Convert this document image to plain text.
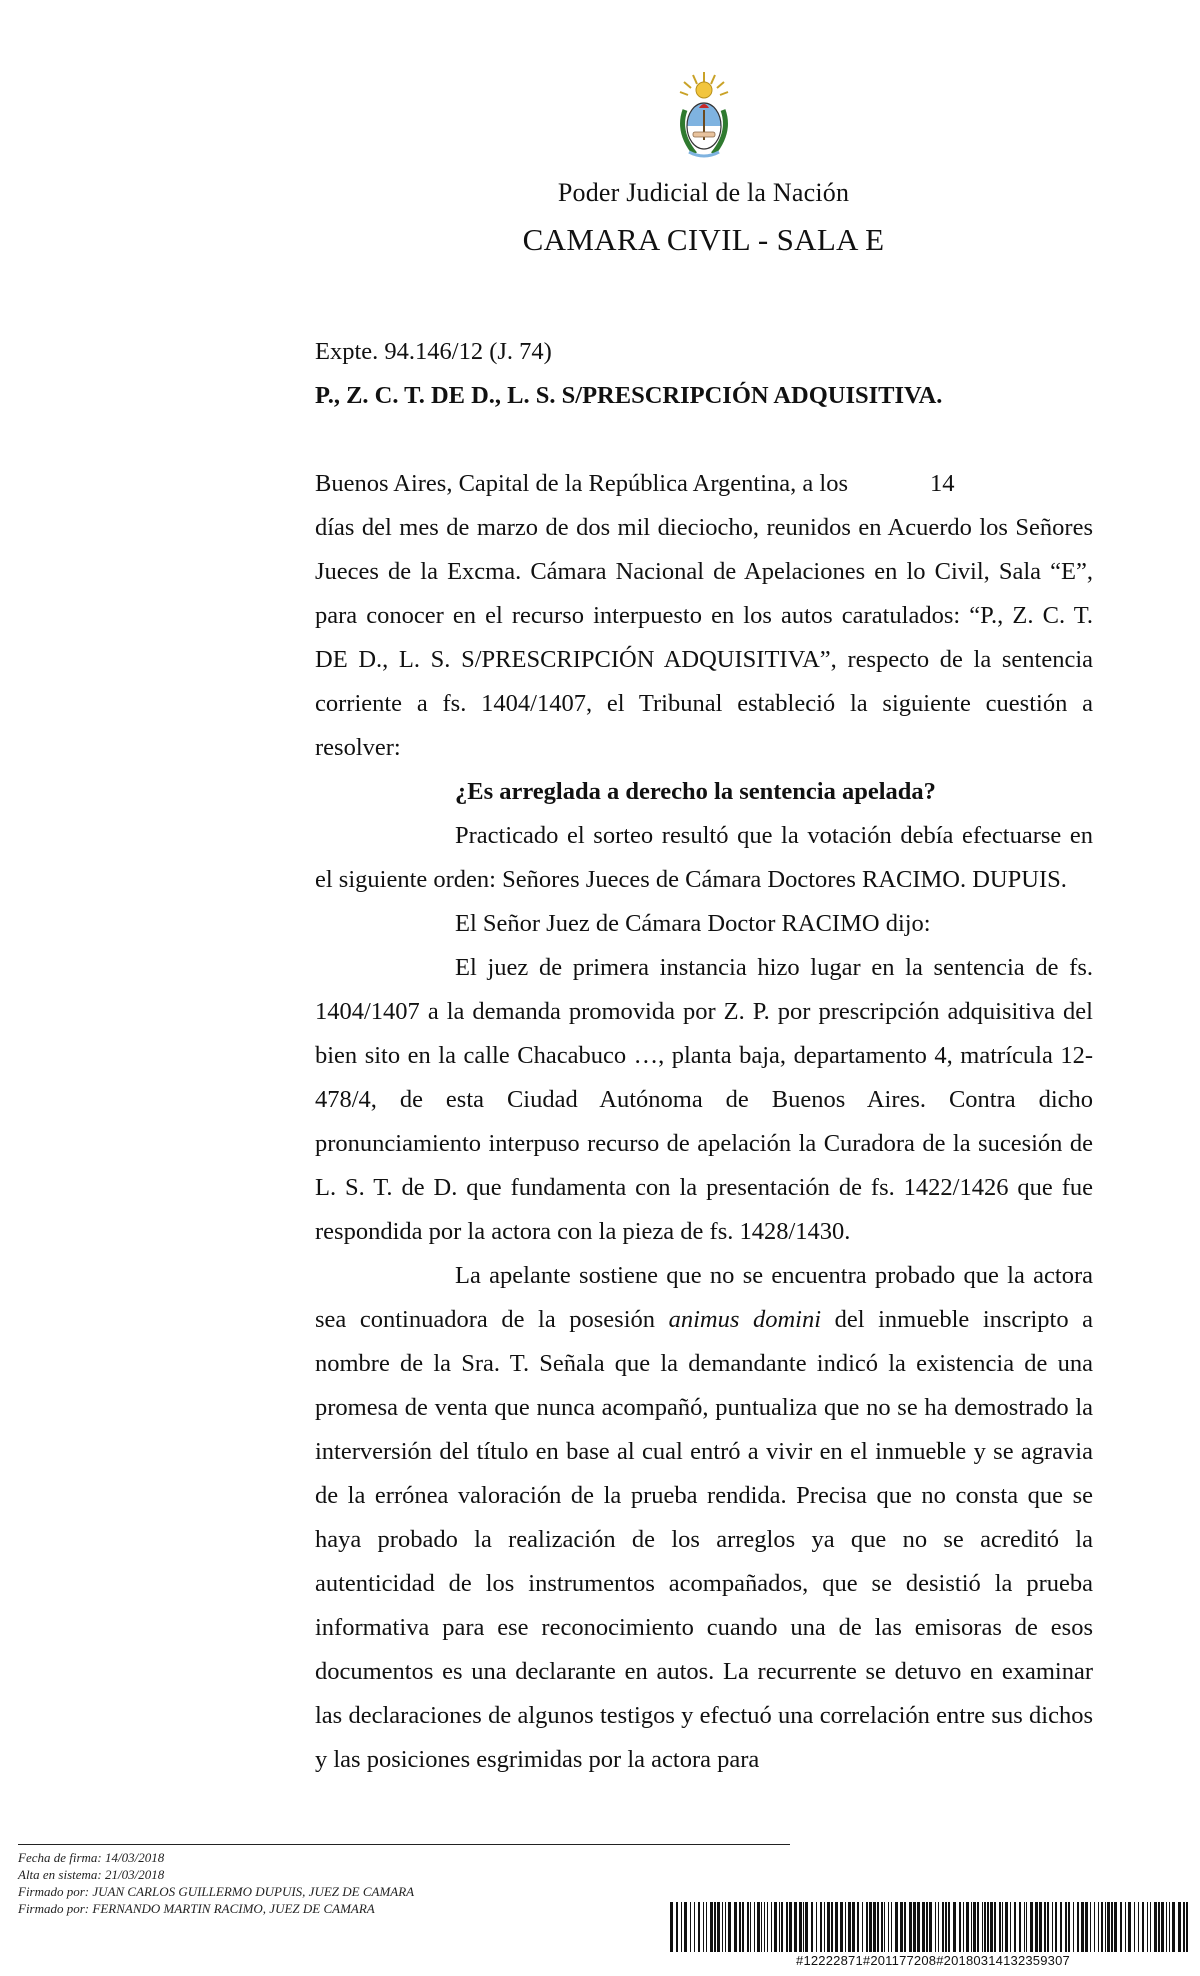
Poder Judicial de la Nación
CAMARA CIVIL - SALA E

Expte. 94.146/12 (J. 74)

P., Z. C. T. DE D., L. S. S/PRESCRIPCIÓN ADQUISITIVA.

Buenos Aires, Capital de la República Argentina, a los	14

días del mes de marzo de dos mil dieciocho, reunidos en Acuerdo los Señores Jueces de la Excma. Cámara Nacional de Apelaciones en lo Civil, Sala “E”, para conocer en el recurso interpuesto en los autos caratulados: “P., Z. C. T. DE D., L. S. S/PRESCRIPCIÓN ADQUISITIVA”, respecto de la sentencia corriente a fs. 1404/1407, el Tribunal estableció la siguiente cuestión a resolver:

¿Es arreglada a derecho la sentencia apelada?

Practicado el sorteo resultó que la votación debía efectuarse en el siguiente orden: Señores Jueces de Cámara Doctores RACIMO. DUPUIS.

El Señor Juez de Cámara Doctor RACIMO dijo:

El juez de primera instancia hizo lugar en la sentencia de fs. 1404/1407 a la demanda promovida por Z. P. por prescripción adquisitiva del bien sito en la calle Chacabuco …, planta baja, departamento 4, matrícula 12-478/4, de esta Ciudad Autónoma de Buenos Aires. Contra dicho pronunciamiento interpuso recurso de apelación la Curadora de la sucesión de L. S. T. de D. que fundamenta con la presentación de fs. 1422/1426 que fue respondida por la actora con la pieza de fs. 1428/1430.

La apelante sostiene que no se encuentra probado que la actora sea continuadora de la posesión animus domini del inmueble inscripto a nombre de la Sra. T. Señala que la demandante indicó la existencia de una promesa de venta que nunca acompañó, puntualiza que no se ha demostrado la interversión del título en base al cual entró a vivir en el inmueble y se agravia de la errónea valoración de la prueba rendida. Precisa que no consta que se haya probado la realización de los arreglos ya que no se acreditó la autenticidad de los instrumentos acompañados, que se desistió la prueba informativa para ese reconocimiento cuando una de las emisoras de esos documentos es una declarante en autos. La recurrente se detuvo en examinar las declaraciones de algunos testigos y efectuó una correlación entre sus dichos y las posiciones esgrimidas por la actora para

Fecha de firma: 14/03/2018
Alta en sistema: 21/03/2018
Firmado por: JUAN CARLOS GUILLERMO DUPUIS, JUEZ DE CAMARA
Firmado por: FERNANDO MARTIN RACIMO, JUEZ DE CAMARA
#12222871#201177208#20180314132359307
